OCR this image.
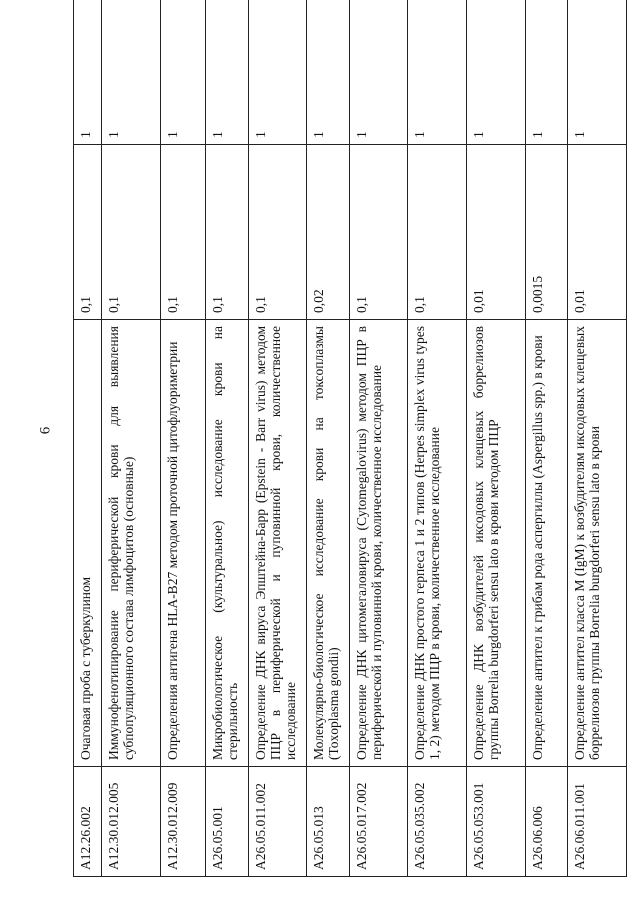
6
А12.26.002	Очаговая проба с туберкулином	0,1	1
А12.30.012.005	Иммунофенотипирование периферической крови для выявления субпопуляционного состава лимфоцитов (основные)	0,1	1
А12.30.012.009	Определения антигена HLA-B27 методом проточной цитофлуориметрии	0,1	1
А26.05.001	Микробиологическое (культуральное) исследование крови на стерильность	0,1	1
А26.05.011.002	Определение ДНК вируса Эпштейна-Барр (Epstein - Barr virus) методом ПЦР в периферической и пуповинной крови, количественное исследование	0,1	1
А26.05.013	Молекулярно-биологическое исследование крови на токсоплазмы (Toxoplasma gondii)	0,02	1
А26.05.017.002	Определение ДНК цитомегаловируса (Cytomegalovirus) методом ПЦР в периферической и пуповинной крови, количественное исследование	0,1	1
А26.05.035.002	Определение ДНК простого герпеса 1 и 2 типов (Herpes simplex virus types 1, 2) методом ПЦР в крови, количественное исследование	0,1	1
А26.05.053.001	Определение ДНК возбудителей иксодовых клещевых боррелиозов группы Borrelia burgdorferi sensu lato в крови методом ПЦР	0,01	1
А26.06.006	Определение антител к грибам рода аспергиллы (Aspergillus spp.) в крови	0,0015	1
А26.06.011.001	Определение антител класса M (IgM) к возбудителям иксодовых клещевых боррелиозов группы Borrelia burgdorferi sensu lato в крови	0,01	1
